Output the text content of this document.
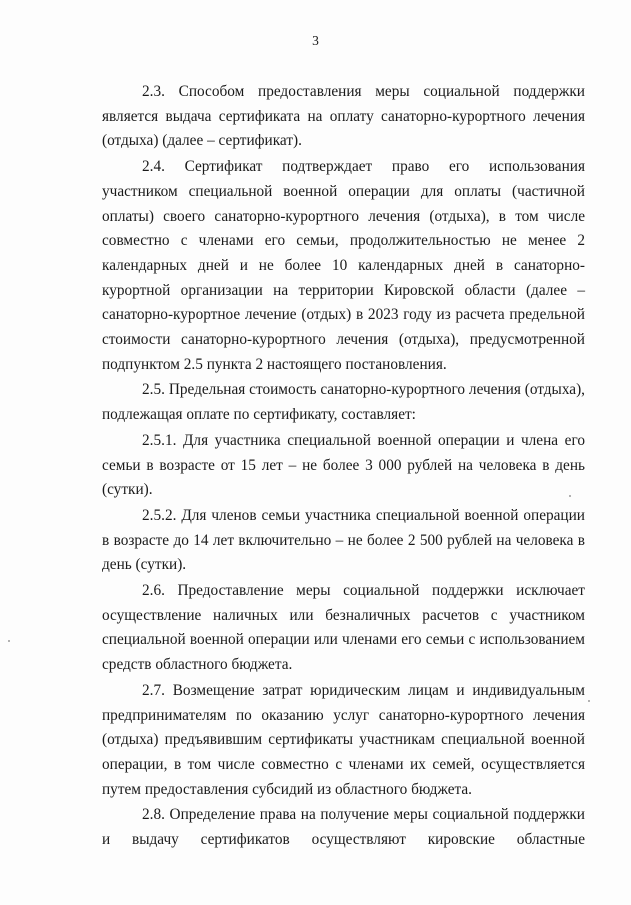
3

2.3. Способом предоставления меры социальной поддержки является выдача сертификата на оплату санаторно-курортного лечения (отдыха) (далее – сертификат).

2.4. Сертификат подтверждает право его использования участником специальной военной операции для оплаты (частичной оплаты) своего санаторно-курортного лечения (отдыха), в том числе совместно с членами его семьи, продолжительностью не менее 2 календарных дней и не более 10 календарных дней в санаторно-курортной организации на территории Кировской области (далее – санаторно-курортное лечение (отдых) в 2023 году из расчета предельной стоимости санаторно-курортного лечения (отдыха), предусмотренной подпунктом 2.5 пункта 2 настоящего постановления.

2.5. Предельная стоимость санаторно-курортного лечения (отдыха), подлежащая оплате по сертификату, составляет:

2.5.1. Для участника специальной военной операции и члена его семьи в возрасте от 15 лет – не более 3 000 рублей на человека в день (сутки).

2.5.2. Для членов семьи участника специальной военной операции в возрасте до 14 лет включительно – не более 2 500 рублей на человека в день (сутки).

2.6. Предоставление меры социальной поддержки исключает осуществление наличных или безналичных расчетов с участником специальной военной операции или членами его семьи с использованием средств областного бюджета.

2.7. Возмещение затрат юридическим лицам и индивидуальным предпринимателям по оказанию услуг санаторно-курортного лечения (отдыха) предъявившим сертификаты участникам специальной военной операции, в том числе совместно с членами их семей, осуществляется путем предоставления субсидий из областного бюджета.

2.8. Определение права на получение меры социальной поддержки и выдачу сертификатов осуществляют кировские областные
